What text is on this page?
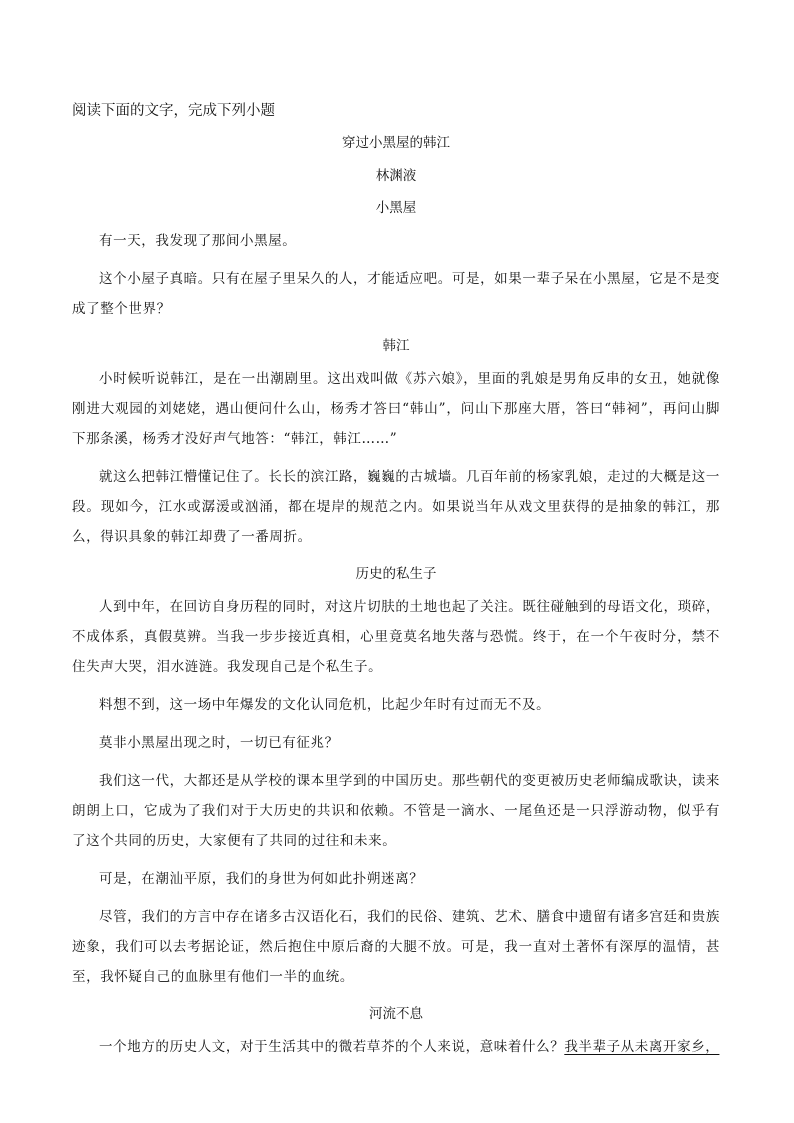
阅读下面的文字，完成下列小题

穿过小黑屋的韩江

林渊液

小黑屋

有一天，我发现了那间小黑屋。

这个小屋子真暗。只有在屋子里呆久的人，才能适应吧。可是，如果一辈子呆在小黑屋，它是不是变成了整个世界？

韩江

小时候听说韩江，是在一出潮剧里。这出戏叫做《苏六娘》，里面的乳娘是男角反串的女丑，她就像刚进大观园的刘姥姥，遇山便问什么山，杨秀才答曰“韩山”，问山下那座大厝，答曰“韩祠”，再问山脚下那条溪，杨秀才没好声气地答：“韩江，韩江……”

就这么把韩江懵懂记住了。长长的滨江路，巍巍的古城墙。几百年前的杨家乳娘，走过的大概是这一段。现如今，江水或潺湲或汹涌，都在堤岸的规范之内。如果说当年从戏文里获得的是抽象的韩江，那么，得识具象的韩江却费了一番周折。

历史的私生子

人到中年，在回访自身历程的同时，对这片切肤的土地也起了关注。既往碰触到的母语文化，琐碎，不成体系，真假莫辨。当我一步步接近真相，心里竟莫名地失落与恐慌。终于，在一个午夜时分，禁不住失声大哭，泪水涟涟。我发现自己是个私生子。

料想不到，这一场中年爆发的文化认同危机，比起少年时有过而无不及。

莫非小黑屋出现之时，一切已有征兆？

我们这一代，大都还是从学校的课本里学到的中国历史。那些朝代的变更被历史老师编成歌诀，读来朗朗上口，它成为了我们对于大历史的共识和依赖。不管是一滴水、一尾鱼还是一只浮游动物，似乎有了这个共同的历史，大家便有了共同的过往和未来。

可是，在潮汕平原，我们的身世为何如此扑朔迷离？

尽管，我们的方言中存在诸多古汉语化石，我们的民俗、建筑、艺术、膳食中遗留有诸多宫廷和贵族迹象，我们可以去考据论证，然后抱住中原后裔的大腿不放。可是，我一直对土著怀有深厚的温情，甚至，我怀疑自己的血脉里有他们一半的血统。

河流不息

一个地方的历史人文，对于生活其中的微若草芥的个人来说，意味着什么？我半辈子从未离开家乡，
